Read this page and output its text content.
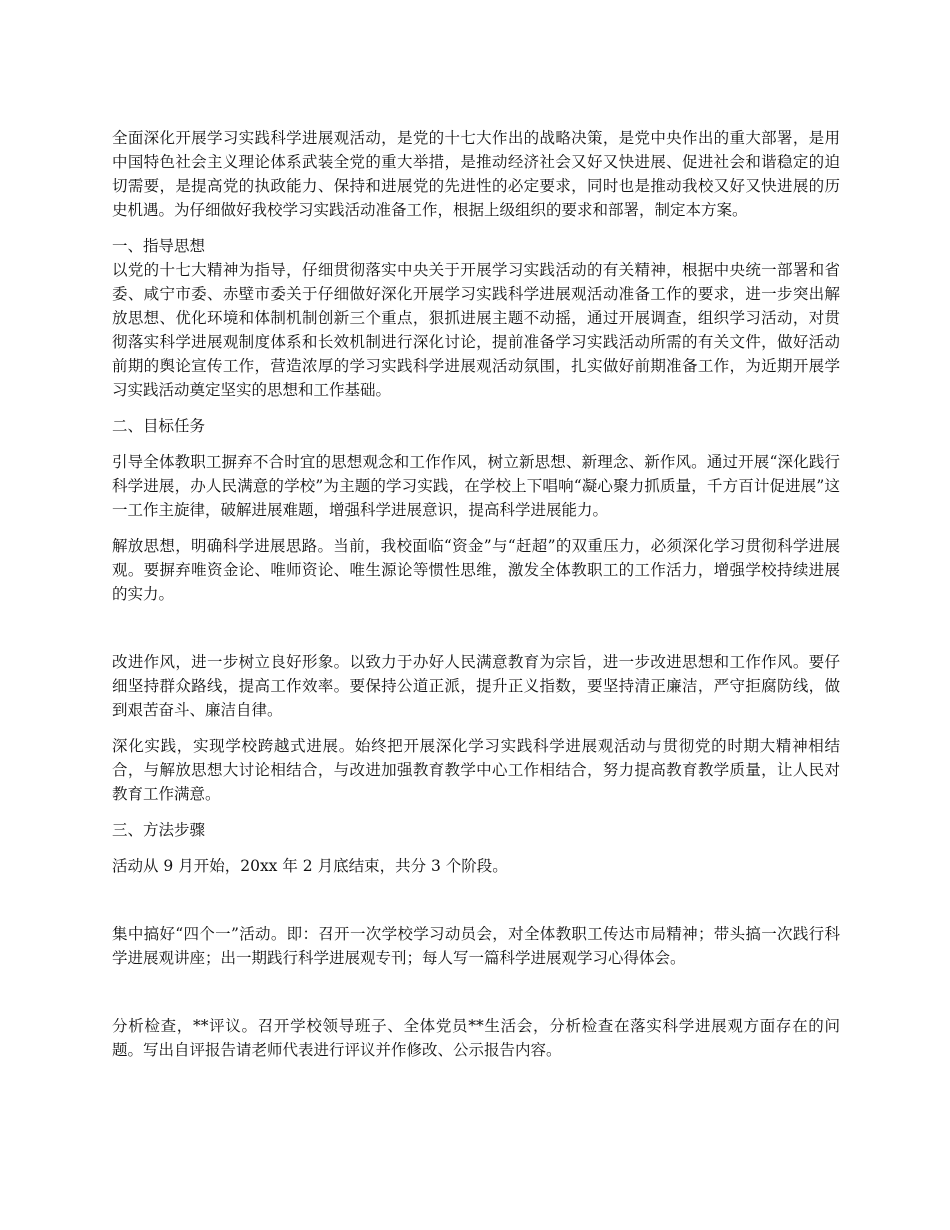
全面深化开展学习实践科学进展观活动，是党的十七大作出的战略决策，是党中央作出的重大部署，是用中国特色社会主义理论体系武装全党的重大举措，是推动经济社会又好又快进展、促进社会和谐稳定的迫切需要，是提高党的执政能力、保持和进展党的先进性的必定要求，同时也是推动我校又好又快进展的历史机遇。为仔细做好我校学习实践活动准备工作，根据上级组织的要求和部署，制定本方案。

一、指导思想

以党的十七大精神为指导，仔细贯彻落实中央关于开展学习实践活动的有关精神，根据中央统一部署和省委、咸宁市委、赤壁市委关于仔细做好深化开展学习实践科学进展观活动准备工作的要求，进一步突出解放思想、优化环境和体制机制创新三个重点，狠抓进展主题不动摇，通过开展调查，组织学习活动，对贯彻落实科学进展观制度体系和长效机制进行深化讨论，提前准备学习实践活动所需的有关文件，做好活动前期的舆论宣传工作，营造浓厚的学习实践科学进展观活动氛围，扎实做好前期准备工作，为近期开展学习实践活动奠定坚实的思想和工作基础。

二、目标任务

引导全体教职工摒弃不合时宜的思想观念和工作作风，树立新思想、新理念、新作风。通过开展“深化践行科学进展，办人民满意的学校”为主题的学习实践，在学校上下唱响“凝心聚力抓质量，千方百计促进展”这一工作主旋律，破解进展难题，增强科学进展意识，提高科学进展能力。

解放思想，明确科学进展思路。当前，我校面临“资金”与“赶超”的双重压力，必须深化学习贯彻科学进展观。要摒弃唯资金论、唯师资论、唯生源论等惯性思维，激发全体教职工的工作活力，增强学校持续进展的实力。

改进作风，进一步树立良好形象。以致力于办好人民满意教育为宗旨，进一步改进思想和工作作风。要仔细坚持群众路线，提高工作效率。要保持公道正派，提升正义指数，要坚持清正廉洁，严守拒腐防线，做到艰苦奋斗、廉洁自律。

深化实践，实现学校跨越式进展。始终把开展深化学习实践科学进展观活动与贯彻党的时期大精神相结合，与解放思想大讨论相结合，与改进加强教育教学中心工作相结合，努力提高教育教学质量，让人民对教育工作满意。

三、方法步骤

活动从 9 月开始，20xx 年 2 月底结束，共分 3 个阶段。

集中搞好“四个一”活动。即：召开一次学校学习动员会，对全体教职工传达市局精神；带头搞一次践行科学进展观讲座；出一期践行科学进展观专刊；每人写一篇科学进展观学习心得体会。

分析检查，**评议。召开学校领导班子、全体党员**生活会，分析检查在落实科学进展观方面存在的问题。写出自评报告请老师代表进行评议并作修改、公示报告内容。
